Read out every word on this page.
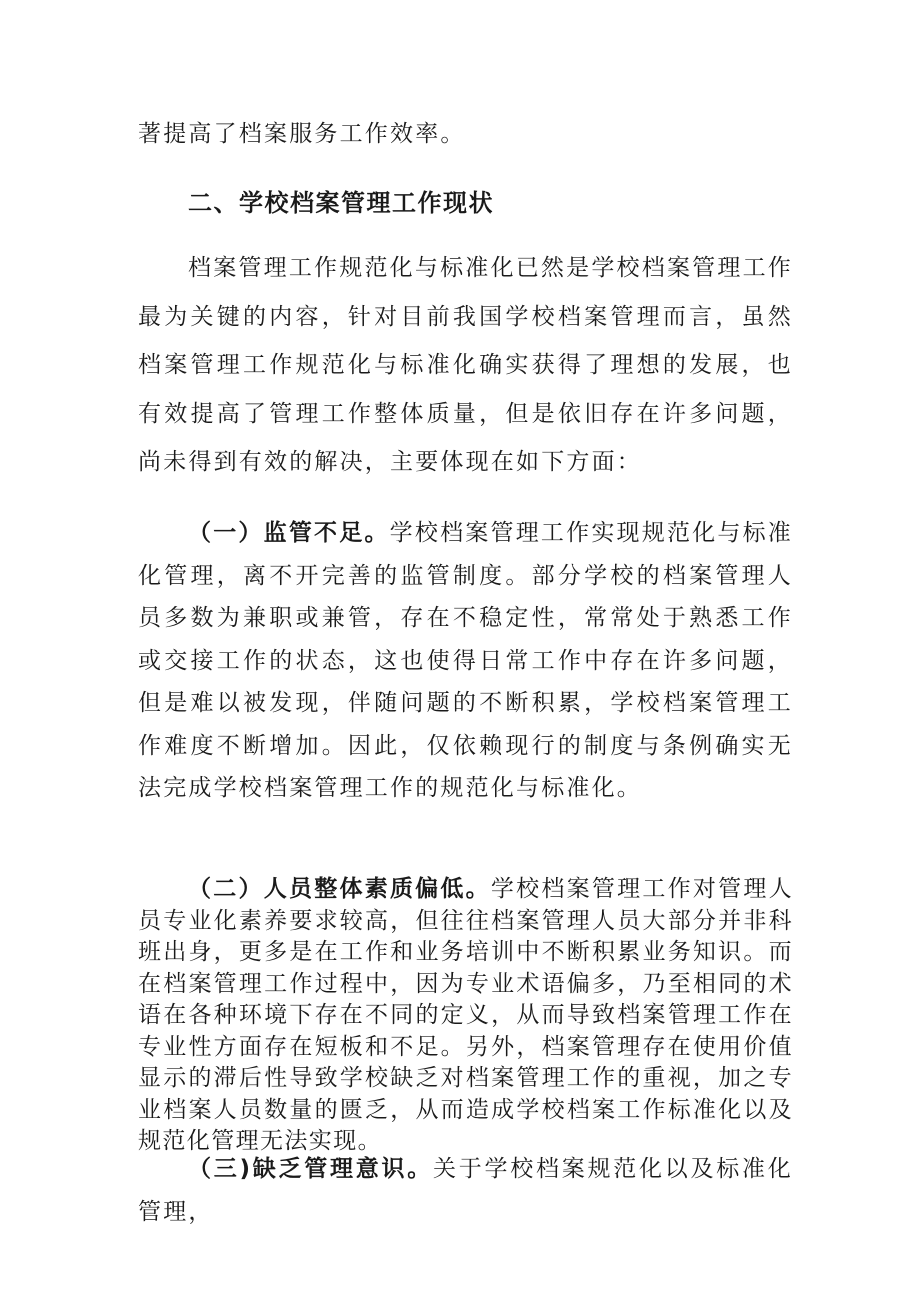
著提高了档案服务工作效率。

二、学校档案管理工作现状

档案管理工作规范化与标准化已然是学校档案管理工作最为关键的内容，针对目前我国学校档案管理而言，虽然档案管理工作规范化与标准化确实获得了理想的发展，也有效提高了管理工作整体质量，但是依旧存在许多问题，尚未得到有效的解决，主要体现在如下方面：

（一）监管不足。学校档案管理工作实现规范化与标准化管理，离不开完善的监管制度。部分学校的档案管理人员多数为兼职或兼管，存在不稳定性，常常处于熟悉工作或交接工作的状态，这也使得日常工作中存在许多问题，但是难以被发现，伴随问题的不断积累，学校档案管理工作难度不断增加。因此，仅依赖现行的制度与条例确实无法完成学校档案管理工作的规范化与标准化。

（二）人员整体素质偏低。学校档案管理工作对管理人员专业化素养要求较高，但往往档案管理人员大部分并非科班出身，更多是在工作和业务培训中不断积累业务知识。而在档案管理工作过程中，因为专业术语偏多，乃至相同的术语在各种环境下存在不同的定义，从而导致档案管理工作在专业性方面存在短板和不足。另外，档案管理存在使用价值显示的滞后性导致学校缺乏对档案管理工作的重视，加之专业档案人员数量的匮乏，从而造成学校档案工作标准化以及规范化管理无法实现。

（三)缺乏管理意识。关于学校档案规范化以及标准化管理，
